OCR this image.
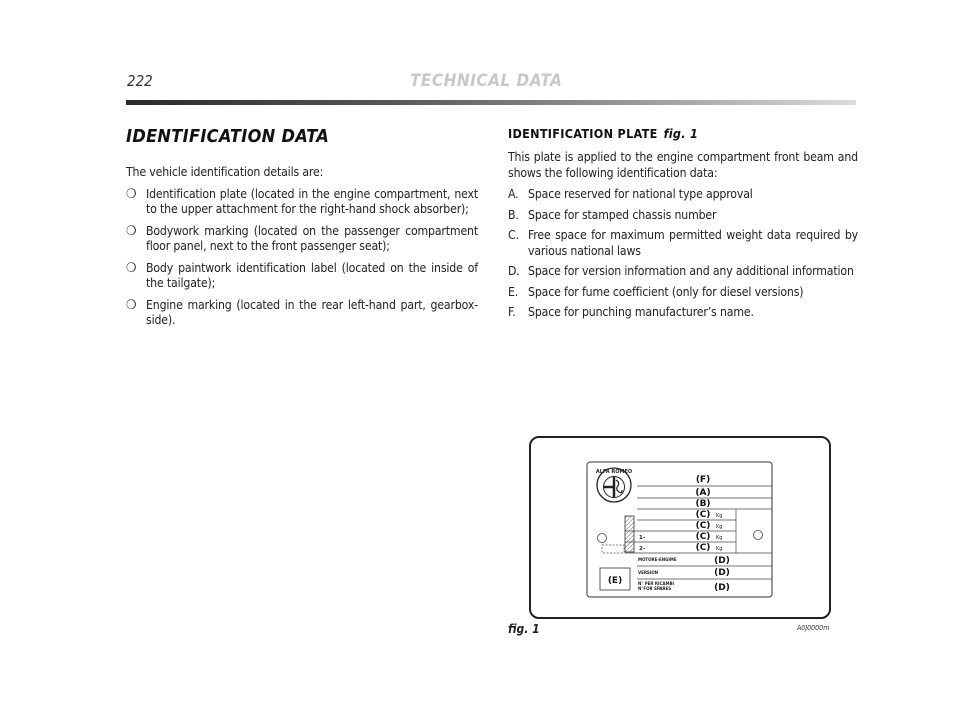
222	TECHNICAL DATA
IDENTIFICATION DATA

The vehicle identification details are:

❍ Identification plate (located in the engine compartment, next to the upper attachment for the right-hand shock absorber);
❍ Bodywork marking (located on the passenger compartment floor panel, next to the front passenger seat);
❍ Body paintwork identification label (located on the inside of the tailgate);
❍ Engine marking (located in the rear left-hand part, gearbox-side).
IDENTIFICATION PLATE fig. 1

This plate is applied to the engine compartment front beam and shows the following identification data:

A. Space reserved for national type approval
B. Space for stamped chassis number
C. Free space for maximum permitted weight data required by various national laws
D. Space for version information and any additional information
E. Space for fume coefficient (only for diesel versions)
F. Space for punching manufacturer’s name.
ALFA ROMEO
(E)
(F)
(A)
(B)
(C)
(C)
(C)
(C)
(D)
(D)
(D)
Kg
Kg
Kg
Kg
1-
2-
MOTORE-ENGIME
VERSION
N° PER RICAMBI
N°FOR SPARES
fig. 1	A0J0000m
